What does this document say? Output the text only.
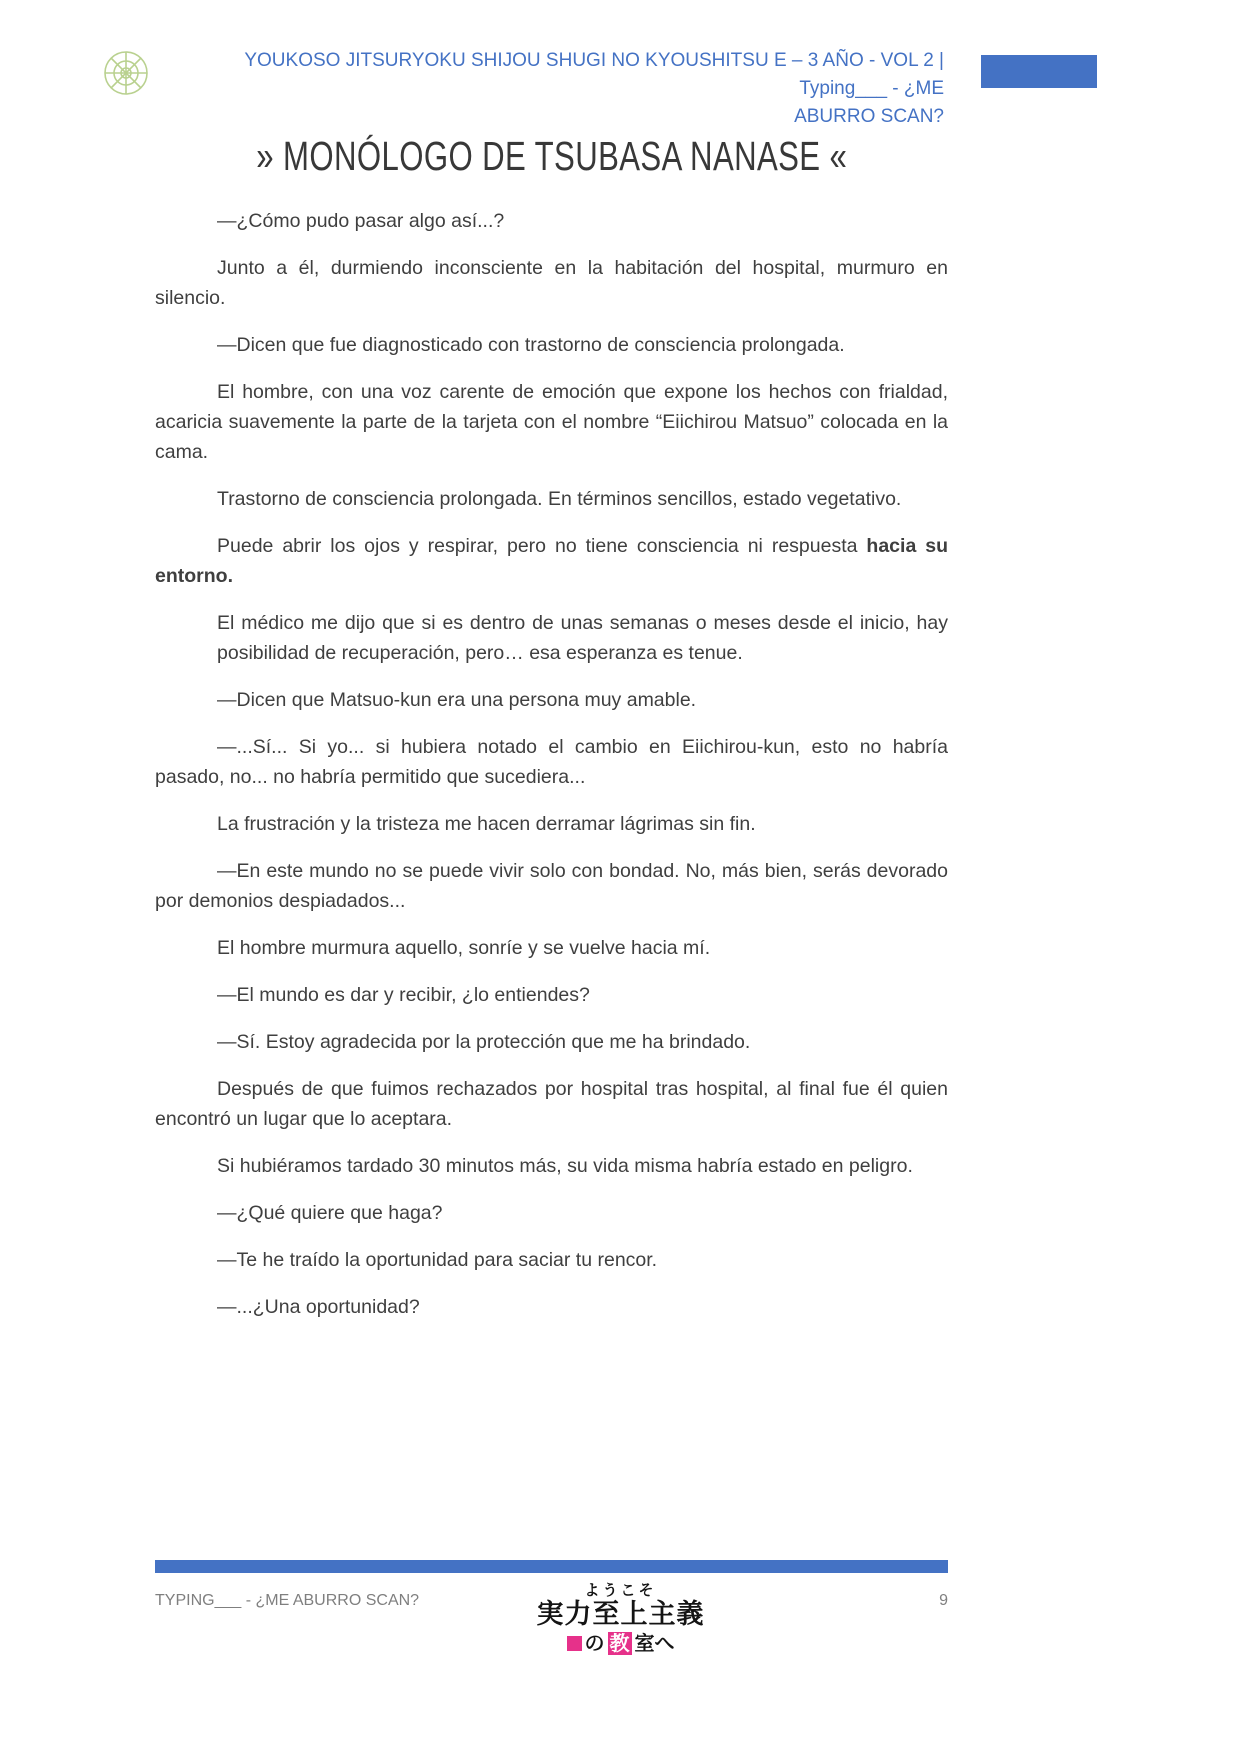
YOUKOSO JITSURYOKU SHIJOU SHUGI NO KYOUSHITSU E – 3 AÑO - VOL 2 | Typing___ - ¿ME
ABURRO SCAN?
» MONÓLOGO DE TSUBASA NANASE «

—¿Cómo pudo pasar algo así...?

Junto a él, durmiendo inconsciente en la habitación del hospital, murmuro en silencio.

—Dicen que fue diagnosticado con trastorno de consciencia prolongada.

El hombre, con una voz carente de emoción que expone los hechos con frialdad, acaricia suavemente la parte de la tarjeta con el nombre “Eiichirou Matsuo” colocada en la cama.

Trastorno de consciencia prolongada. En términos sencillos, estado vegetativo.

Puede abrir los ojos y respirar, pero no tiene consciencia ni respuesta hacia su entorno.

El médico me dijo que si es dentro de unas semanas o meses desde el inicio, hay posibilidad de recuperación, pero… esa esperanza es tenue.

—Dicen que Matsuo-kun era una persona muy amable.

—...Sí... Si yo... si hubiera notado el cambio en Eiichirou-kun, esto no habría pasado, no... no habría permitido que sucediera...

La frustración y la tristeza me hacen derramar lágrimas sin fin.

—En este mundo no se puede vivir solo con bondad. No, más bien, serás devorado por demonios despiadados...

El hombre murmura aquello, sonríe y se vuelve hacia mí.

—El mundo es dar y recibir, ¿lo entiendes?

—Sí. Estoy agradecida por la protección que me ha brindado.

Después de que fuimos rechazados por hospital tras hospital, al final fue él quien encontró un lugar que lo aceptara.

Si hubiéramos tardado 30 minutos más, su vida misma habría estado en peligro.

—¿Qué quiere que haga?

—Te he traído la oportunidad para saciar tu rencor.

—...¿Una oportunidad?

TYPING___ - ¿ME ABURRO SCAN?	9
ようこそ
実力至上主義
の 教 室へ
